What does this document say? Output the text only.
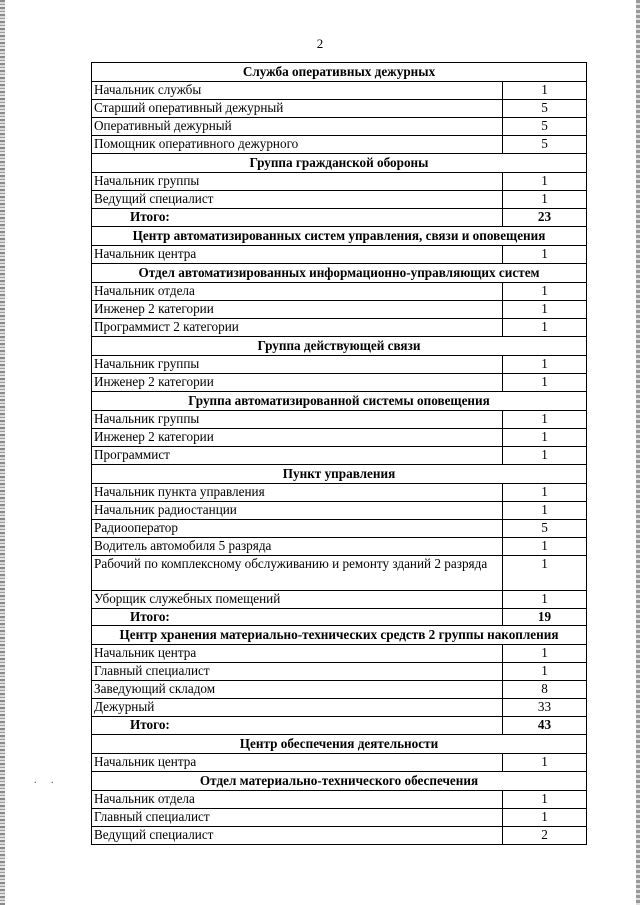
2
. .
Служба оперативных дежурных	
Начальник службы	1
Старший оперативный дежурный	5
Оперативный дежурный	5
Помощник оперативного дежурного	5
Группа гражданской обороны	
Начальник группы	1
Ведущий специалист	1
Итого:	23
Центр автоматизированных систем управления, связи и оповещения	
Начальник центра	1
Отдел автоматизированных информационно-управляющих систем	
Начальник отдела	1
Инженер 2 категории	1
Программист 2 категории	1
Группа действующей связи	
Начальник группы	1
Инженер 2 категории	1
Группа автоматизированной системы оповещения	
Начальник группы	1
Инженер 2 категории	1
Программист	1
Пункт управления	
Начальник пункта управления	1
Начальник радиостанции	1
Радиооператор	5
Водитель автомобиля 5 разряда	1
Рабочий по комплексному обслуживанию и ремонту зданий 2 разряда	1
Уборщик служебных помещений	1
Итого:	19
Центр хранения материально-технических средств 2 группы накопления	
Начальник центра	1
Главный специалист	1
Заведующий складом	8
Дежурный	33
Итого:	43
Центр обеспечения деятельности	
Начальник центра	1
Отдел материально-технического обеспечения	
Начальник отдела	1
Главный специалист	1
Ведущий специалист	2
